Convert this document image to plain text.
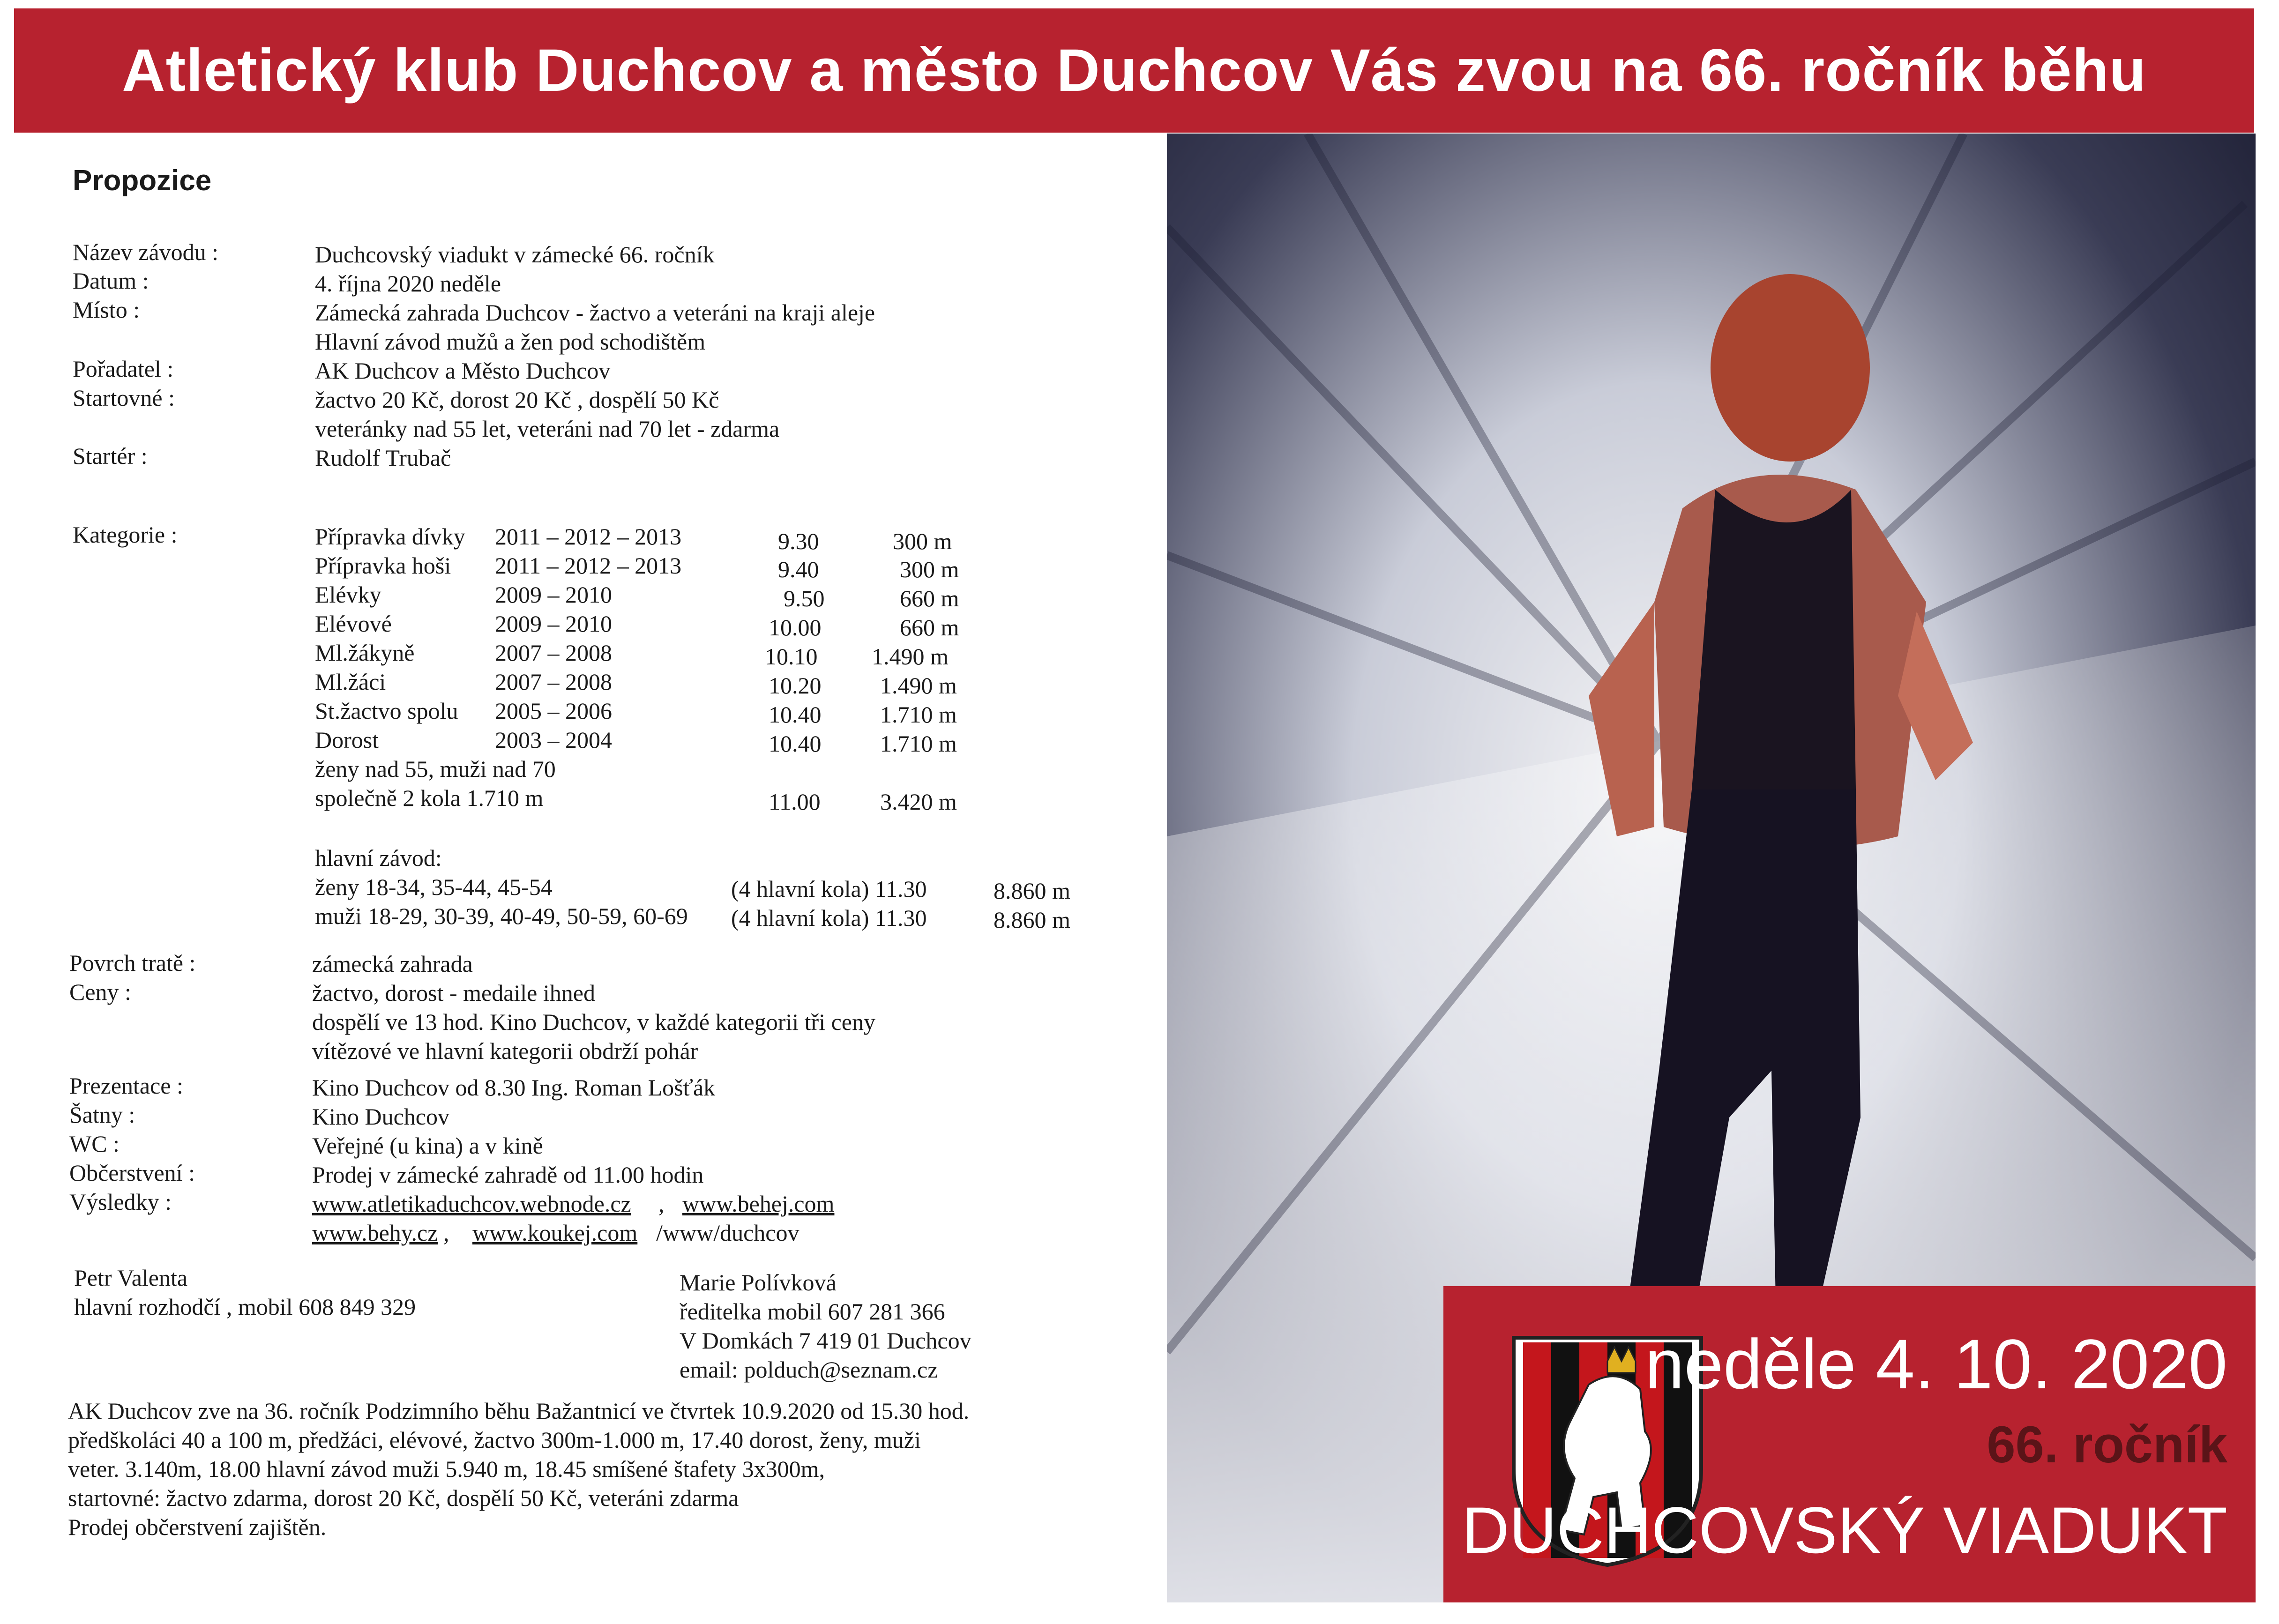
Atletický klub Duchcov a město Duchcov Vás zvou na 66. ročník běhu
neděle 4. 10. 2020
66. ročník
DUCHCOVSKÝ VIADUKT
Propozice
Název závodu :	Duchcovský viadukt v zámecké 66. ročník
Datum :	4. října 2020 neděle
Místo :	Zámecká zahrada Duchcov - žactvo a veteráni na kraji aleje
Hlavní závod mužů a žen pod schodištěm
Pořadatel :	AK Duchcov a Město Duchcov
Startovné :	žactvo 20 Kč, dorost 20 Kč , dospělí 50 Kč
veteránky nad 55 let, veteráni nad 70 let - zdarma
Startér :	Rudolf Trubač
Kategorie :	Přípravka dívky 2011 – 2012 – 2013	9.30	300 m
Přípravka hoši 2011 – 2012 – 2013	9.40	300 m
Elévky	2009 – 2010	9.50	660 m
Elévové	2009 – 2010	10.00	660 m
Ml.žákyně	2007 – 2008	10.10 1.490 m
Ml.žáci	2007 – 2008	10.20	1.490 m
St.žactvo spolu 2005 – 2006	10.40	1.710 m
Dorost	2003 – 2004	10.40	1.710 m
ženy nad 55, muži nad 70
společně 2 kola 1.710 m	11.00	3.420 m
hlavní závod:
ženy 18-34, 35-44, 45-54	(4 hlavní kola) 11.30	8.860 m
muži 18-29, 30-39, 40-49, 50-59, 60-69 (4 hlavní kola) 11.30	8.860 m
Povrch tratě :	zámecká zahrada
Ceny :	žactvo, dorost - medaile ihned
dospělí ve 13 hod. Kino Duchcov, v každé kategorii tři ceny
vítězové ve hlavní kategorii obdrží pohár
Prezentace :	Kino Duchcov od 8.30 Ing. Roman Lošťák
Šatny :	Kino Duchcov
WC :	Veřejné (u kina) a v kině
Občerstvení :	Prodej v zámecké zahradě od 11.00 hodin
Výsledky :	www.atletikaduchcov.webnode.cz , www.behej.com
www.behy.cz , www.koukej.com /www/duchcov
Petr Valenta
hlavní rozhodčí , mobil 608 849 329
Marie Polívková
ředitelka mobil 607 281 366
V Domkách 7 419 01 Duchcov
email: polduch@seznam.cz
AK Duchcov zve na 36. ročník Podzimního běhu Bažantnicí ve čtvrtek 10.9.2020 od 15.30 hod.
předškoláci 40 a 100 m, předžáci, elévové, žactvo 300m-1.000 m, 17.40 dorost, ženy, muži
veter. 3.140m, 18.00 hlavní závod muži 5.940 m, 18.45 smíšené štafety 3x300m,
startovné: žactvo zdarma, dorost 20 Kč, dospělí 50 Kč, veteráni zdarma
Prodej občerstvení zajištěn.
